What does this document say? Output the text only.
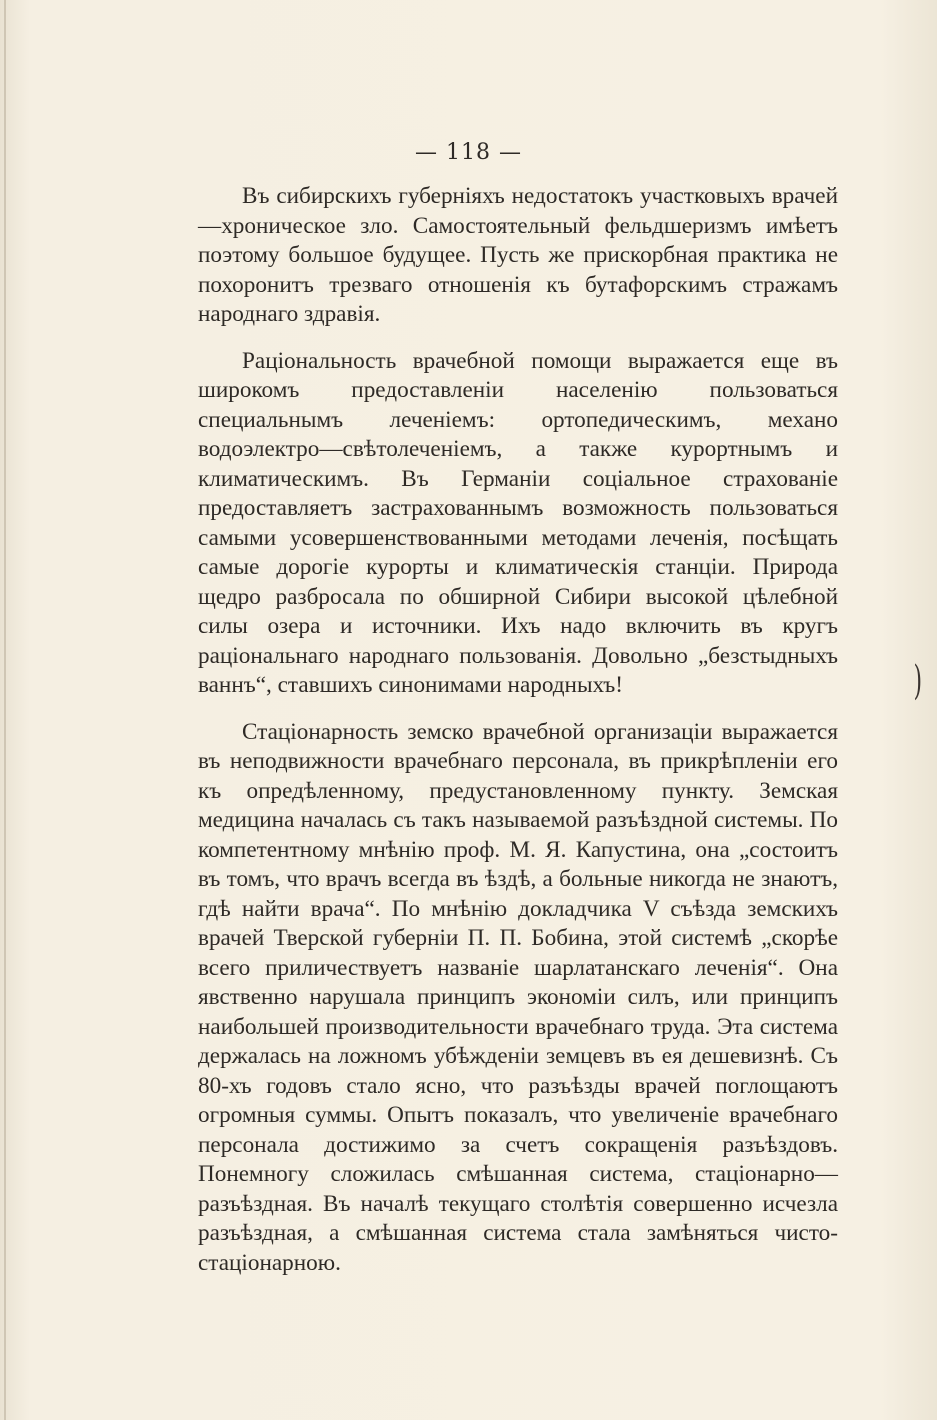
— 118 —

Въ сибирскихъ губерніяхъ недостатокъ участковыхъ врачей—хроническое зло. Самостоятельный фельдшеризмъ имѣетъ поэтому большое будущее. Пусть же прискорбная практика не похоронитъ трезваго отношенія къ бутафорскимъ стражамъ народнаго здравія.

Раціональность врачебной помощи выражается еще въ широкомъ предоставленіи населенію пользоваться специальнымъ леченіемъ: ортопедическимъ, механо водоэлектро—свѣтолеченіемъ, а также курортнымъ и климатическимъ. Въ Германіи соціальное страхованіе предоставляетъ застрахованнымъ возможность пользоваться самыми усовершенствованными методами леченія, посѣщать самые дорогіе курорты и климатическія станціи. Природа щедро разбросала по обширной Сибири высокой цѣлебной силы озера и источники. Ихъ надо включить въ кругъ раціональнаго народнаго пользованія. Довольно „безстыдныхъ ваннъ“, ставшихъ синонимами народныхъ!

Стаціонарность земско врачебной организаціи выражается въ неподвижности врачебнаго персонала, въ прикрѣпленіи его къ опредѣленному, предустановленному пункту. Земская медицина началась съ такъ называемой разъѣздной системы. По компетентному мнѣнію проф. М. Я. Капустина, она „состоитъ въ томъ, что врачъ всегда въ ѣздѣ, а больные никогда не знаютъ, гдѣ найти врача“. По мнѣнію докладчика V съѣзда земскихъ врачей Тверской губерніи П. П. Бобина, этой системѣ „скорѣе всего приличествуетъ названіе шарлатанскаго леченія“. Она явственно нарушала принципъ экономіи силъ, или принципъ наибольшей производительности врачебнаго труда. Эта система держалась на ложномъ убѣжденіи земцевъ въ ея дешевизнѣ. Съ 80-хъ годовъ стало ясно, что разъѣзды врачей поглощаютъ огромныя суммы. Опытъ показалъ, что увеличеніе врачебнаго персонала достижимо за счетъ сокращенія разъѣздовъ. Понемногу сложилась смѣшанная система, стаціонарно—разъѣздная. Въ началѣ текущаго столѣтія совершенно исчезла разъѣздная, а смѣшанная система стала замѣняться чисто-стаціонарною.

)
